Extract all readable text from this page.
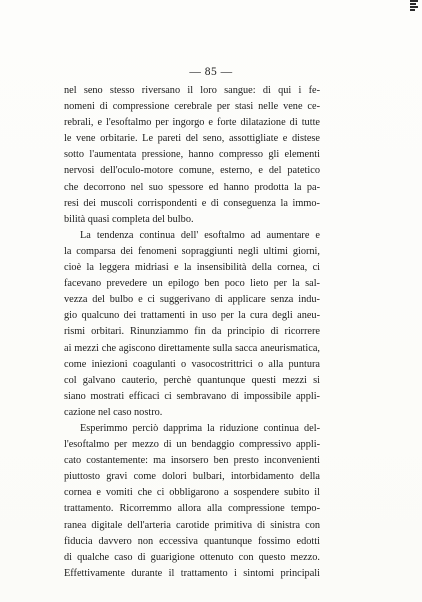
— 85 —
nel seno stesso riversano il loro sangue: di qui i fe-
nomeni di compressione cerebrale per stasi nelle vene ce-
rebrali, e l'esoftalmo per ingorgo e forte dilatazione di tutte
le vene orbitarie. Le pareti del seno, assottigliate e distese
sotto l'aumentata pressione, hanno compresso gli elementi
nervosi dell'oculo-motore comune, esterno, e del patetico
che decorrono nel suo spessore ed hanno prodotta la pa-
resi dei muscoli corrispondenti e di conseguenza la immo-
bilità quasi completa del bulbo.
La tendenza continua dell' esoftalmo ad aumentare e
la comparsa dei fenomeni sopraggiunti negli ultimi giorni,
cioè la leggera midriasi e la insensibilità della cornea, ci
facevano prevedere un epilogo ben poco lieto per la sal-
vezza del bulbo e ci suggerivano di applicare senza indu-
gio qualcuno dei trattamenti in uso per la cura degli aneu-
rismi orbitari. Rinunziammo fin da principio di ricorrere
ai mezzi che agiscono direttamente sulla sacca aneurismatica,
come iniezioni coagulanti o vasocostrittrici o alla puntura
col galvano cauterio, perchè quantunque questi mezzi si
siano mostrati efficaci ci sembravano di impossibile appli-
cazione nel caso nostro.
Esperimmo perciò dapprima la riduzione continua del-
l'esoftalmo per mezzo di un bendaggio compressivo appli-
cato costantemente: ma insorsero ben presto inconvenienti
piuttosto gravi come dolori bulbari, intorbidamento della
cornea e vomiti che ci obbligarono a sospendere subito il
trattamento. Ricorremmo allora alla compressione tempo-
ranea digitale dell'arteria carotide primitiva di sinistra con
fiducia davvero non eccessiva quantunque fossimo edotti
di qualche caso di guarigione ottenuto con questo mezzo.
Effettivamente durante il trattamento i sintomi principali
